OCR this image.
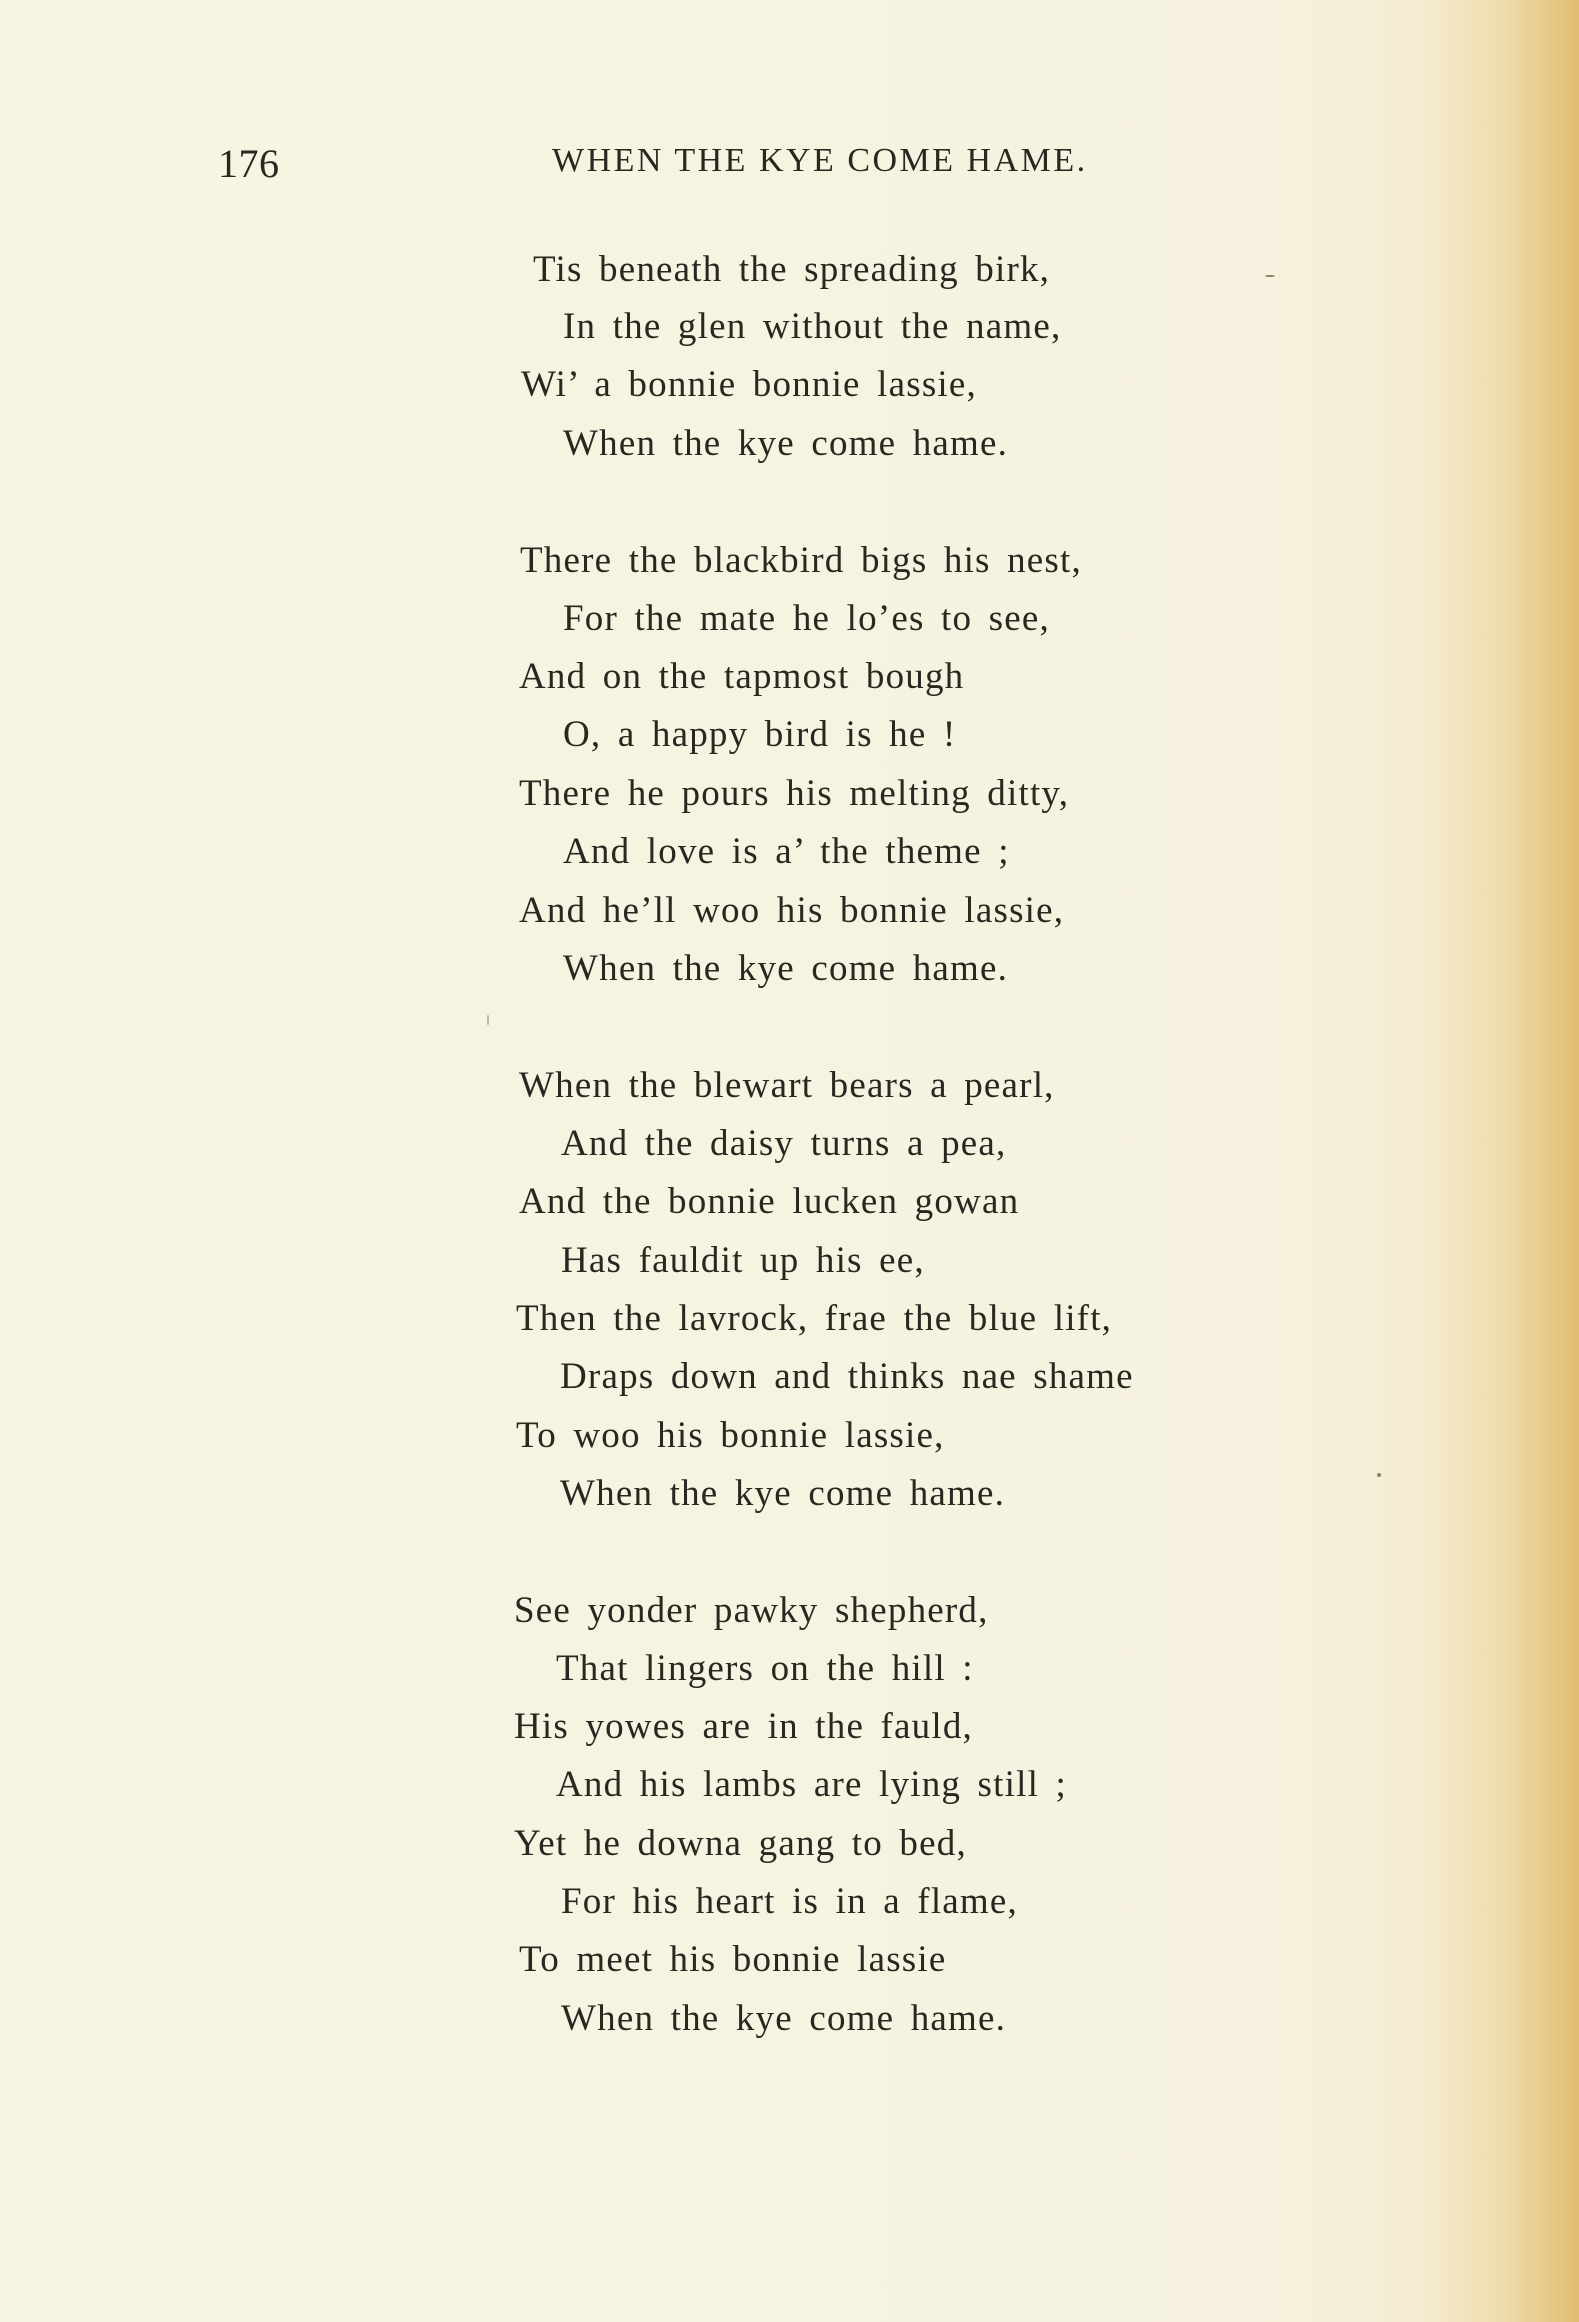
176	WHEN THE KYE COME HAME.
Tis beneath the spreading birk,
In the glen without the name,
Wi’ a bonnie bonnie lassie,
When the kye come hame.
There the blackbird bigs his nest,
For the mate he lo’es to see,
And on the tapmost bough
O, a happy bird is he !
There he pours his melting ditty,
And love is a’ the theme ;
And he’ll woo his bonnie lassie,
When the kye come hame.
When the blewart bears a pearl,
And the daisy turns a pea,
And the bonnie lucken gowan
Has fauldit up his ee,
Then the lavrock, frae the blue lift,
Draps down and thinks nae shame
To woo his bonnie lassie,
When the kye come hame.
See yonder pawky shepherd,
That lingers on the hill :
His yowes are in the fauld,
And his lambs are lying still ;
Yet he downa gang to bed,
For his heart is in a flame,
To meet his bonnie lassie
When the kye come hame.
